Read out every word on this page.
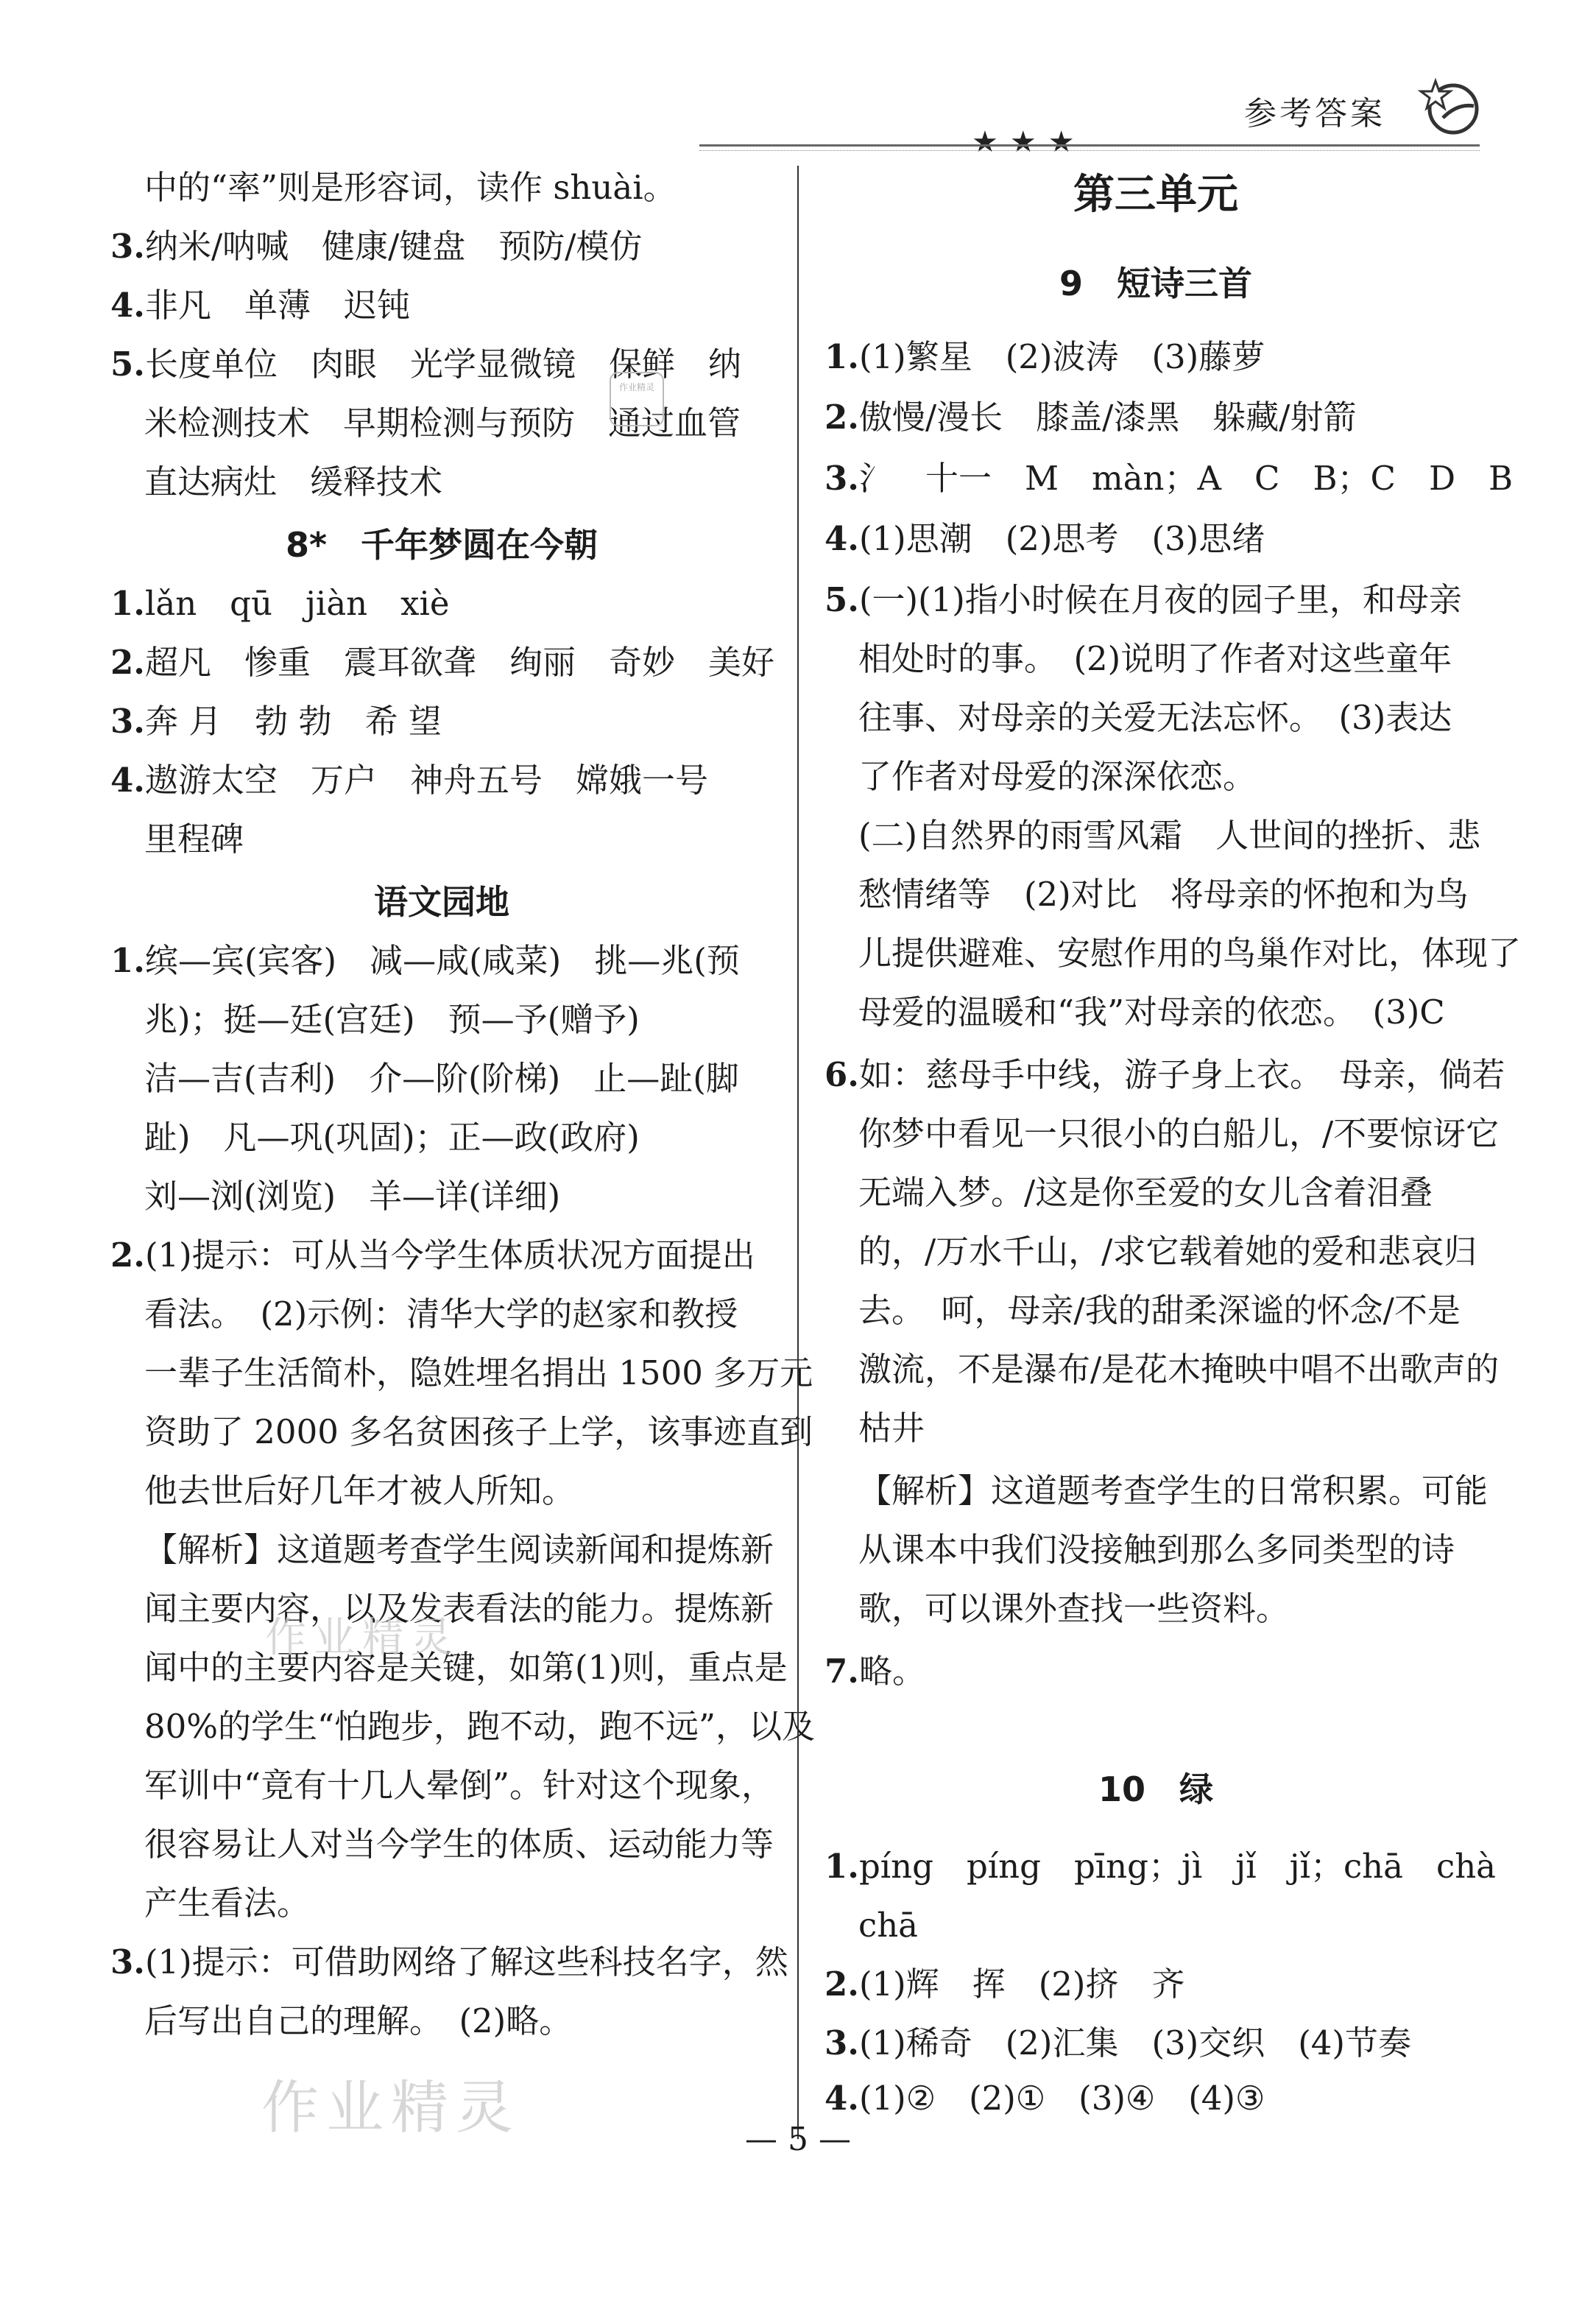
★★★
参考答案
中的“率”则是形容词，读作 shuài。
3.纳米/呐喊　健康/键盘　预防/模仿
4.非凡　单薄　迟钝
5.长度单位　肉眼　光学显微镜　保鲜　纳
米检测技术　早期检测与预防　通过血管
直达病灶　缓释技术
8*　千年梦圆在今朝
1.lǎn　qū　jiàn　xiè
2.超凡　惨重　震耳欲聋　绚丽　奇妙　美好
3.奔 月　勃 勃　希 望
4.遨游太空　万户　神舟五号　嫦娥一号
里程碑
语文园地
1.缤—宾(宾客)　减—咸(咸菜)　挑—兆(预
兆)；挺—廷(宫廷)　预—予(赠予)
洁—吉(吉利)　介—阶(阶梯)　止—趾(脚
趾)　凡—巩(巩固)；正—政(政府)
刘—浏(浏览)　羊—详(详细)
2.(1)提示：可从当今学生体质状况方面提出
看法。　(2)示例：清华大学的赵家和教授
一辈子生活简朴，隐姓埋名捐出 1500 多万元
资助了 2000 多名贫困孩子上学，该事迹直到
他去世后好几年才被人所知。
【解析】这道题考查学生阅读新闻和提炼新
闻主要内容，以及发表看法的能力。提炼新
闻中的主要内容是关键，如第(1)则，重点是
80%的学生“怕跑步，跑不动，跑不远”，以及
军训中“竟有十几人晕倒”。针对这个现象，
很容易让人对当今学生的体质、运动能力等
产生看法。
3.(1)提示：可借助网络了解这些科技名字，然
后写出自己的理解。　(2)略。
第三单元
9　短诗三首
1.(1)繁星　(2)波涛　(3)藤萝
2.傲慢/漫长　膝盖/漆黑　躲藏/射箭
3.氵　十一　M　màn；A　C　B；C　D　B
4.(1)思潮　(2)思考　(3)思绪
5.(一)(1)指小时候在月夜的园子里，和母亲
相处时的事。　(2)说明了作者对这些童年
往事、对母亲的关爱无法忘怀。　(3)表达
了作者对母爱的深深依恋。
(二)自然界的雨雪风霜　人世间的挫折、悲
愁情绪等　(2)对比　将母亲的怀抱和为鸟
儿提供避难、安慰作用的鸟巢作对比，体现了
母爱的温暖和“我”对母亲的依恋。　(3)C
6.如：慈母手中线，游子身上衣。　母亲，倘若
你梦中看见一只很小的白船儿，/不要惊讶它
无端入梦。/这是你至爱的女儿含着泪叠
的，/万水千山，/求它载着她的爱和悲哀归
去。　呵，母亲/我的甜柔深谧的怀念/不是
激流，不是瀑布/是花木掩映中唱不出歌声的
枯井
【解析】这道题考查学生的日常积累。可能
从课本中我们没接触到那么多同类型的诗
歌，可以课外查找一些资料。
7.略。
10　绿
1.píng　píng　pīng；jì　jǐ　jǐ；chā　chà
chā
2.(1)辉　挥　(2)挤　齐
3.(1)稀奇　(2)汇集　(3)交织　(4)节奏
4.(1)②　(2)①　(3)④　(4)③
作业精灵
作业精灵
作业精灵
— 5 —
